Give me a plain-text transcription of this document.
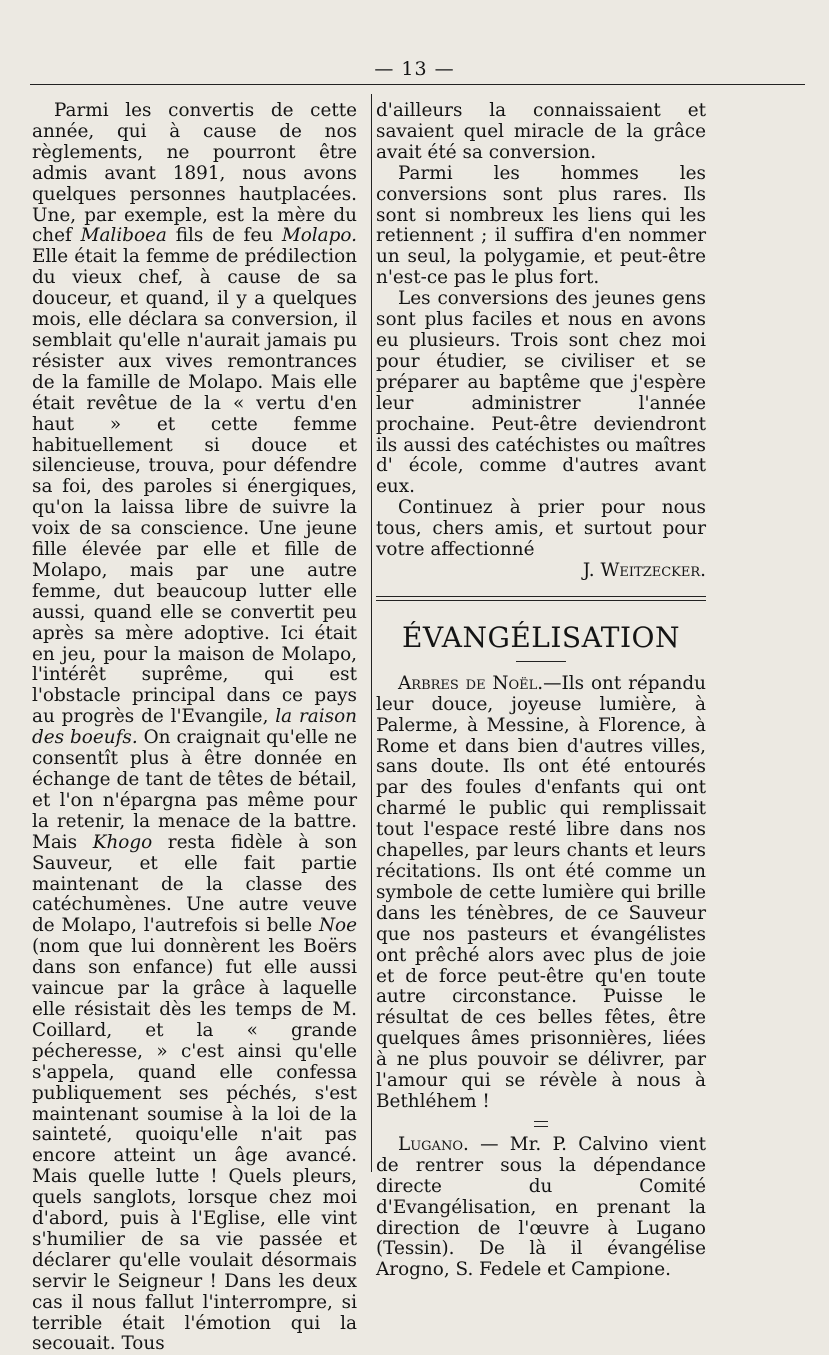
— 13 —

Parmi les convertis de cette année, qui à cause de nos règlements, ne pourront être admis avant 1891, nous avons quelques personnes hautplacées. Une, par exemple, est la mère du chef Maliboea fils de feu Molapo. Elle était la femme de prédilection du vieux chef, à cause de sa douceur, et quand, il y a quelques mois, elle déclara sa conversion, il semblait qu'elle n'aurait jamais pu résister aux vives remontrances de la famille de Molapo. Mais elle était revêtue de la « vertu d'en haut » et cette femme habituellement si douce et silencieuse, trouva, pour défendre sa foi, des paroles si énergiques, qu'on la laissa libre de suivre la voix de sa conscience. Une jeune fille élevée par elle et fille de Molapo, mais par une autre femme, dut beaucoup lutter elle aussi, quand elle se convertit peu après sa mère adoptive. Ici était en jeu, pour la maison de Molapo, l'intérêt suprême, qui est l'obstacle principal dans ce pays au progrès de l'Evangile, la raison des boeufs. On craignait qu'elle ne consentît plus à être donnée en échange de tant de têtes de bétail, et l'on n'épargna pas même pour la retenir, la menace de la battre. Mais Khogo resta fidèle à son Sauveur, et elle fait partie maintenant de la classe des catéchumènes. Une autre veuve de Molapo, l'autrefois si belle Noe (nom que lui donnèrent les Boërs dans son enfance) fut elle aussi vaincue par la grâce à laquelle elle résistait dès les temps de M. Coillard, et la « grande pécheresse, » c'est ainsi qu'elle s'appela, quand elle confessa publiquement ses péchés, s'est maintenant soumise à la loi de la sainteté, quoiqu'elle n'ait pas encore atteint un âge avancé. Mais quelle lutte ! Quels pleurs, quels sanglots, lorsque chez moi d'abord, puis à l'Eglise, elle vint s'humilier de sa vie passée et déclarer qu'elle voulait désormais servir le Seigneur ! Dans les deux cas il nous fallut l'interrompre, si terrible était l'émotion qui la secouait. Tous

d'ailleurs la connaissaient et savaient quel miracle de la grâce avait été sa conversion.

Parmi les hommes les conversions sont plus rares. Ils sont si nombreux les liens qui les retiennent ; il suffira d'en nommer un seul, la polygamie, et peut-être n'est-ce pas le plus fort.

Les conversions des jeunes gens sont plus faciles et nous en avons eu plusieurs. Trois sont chez moi pour étudier, se civiliser et se préparer au baptême que j'espère leur administrer l'année prochaine. Peut-être deviendront ils aussi des catéchistes ou maîtres d' école, comme d'autres avant eux.

Continuez à prier pour nous tous, chers amis, et surtout pour votre affectionné

J. Weitzecker.

ÉVANGÉLISATION

Arbres de Noël.—Ils ont répandu leur douce, joyeuse lumière, à Palerme, à Messine, à Florence, à Rome et dans bien d'autres villes, sans doute. Ils ont été entourés par des foules d'enfants qui ont charmé le public qui remplissait tout l'espace resté libre dans nos chapelles, par leurs chants et leurs récitations. Ils ont été comme un symbole de cette lumière qui brille dans les ténèbres, de ce Sauveur que nos pasteurs et évangélistes ont prêché alors avec plus de joie et de force peut-être qu'en toute autre circonstance. Puisse le résultat de ces belles fêtes, être quelques âmes prisonnières, liées à ne plus pouvoir se délivrer, par l'amour qui se révèle à nous à Bethléhem !

Lugano. — Mr. P. Calvino vient de rentrer sous la dépendance directe du Comité d'Evangélisation, en prenant la direction de l'œuvre à Lugano (Tessin). De là il évangélise Arogno, S. Fedele et Campione.
